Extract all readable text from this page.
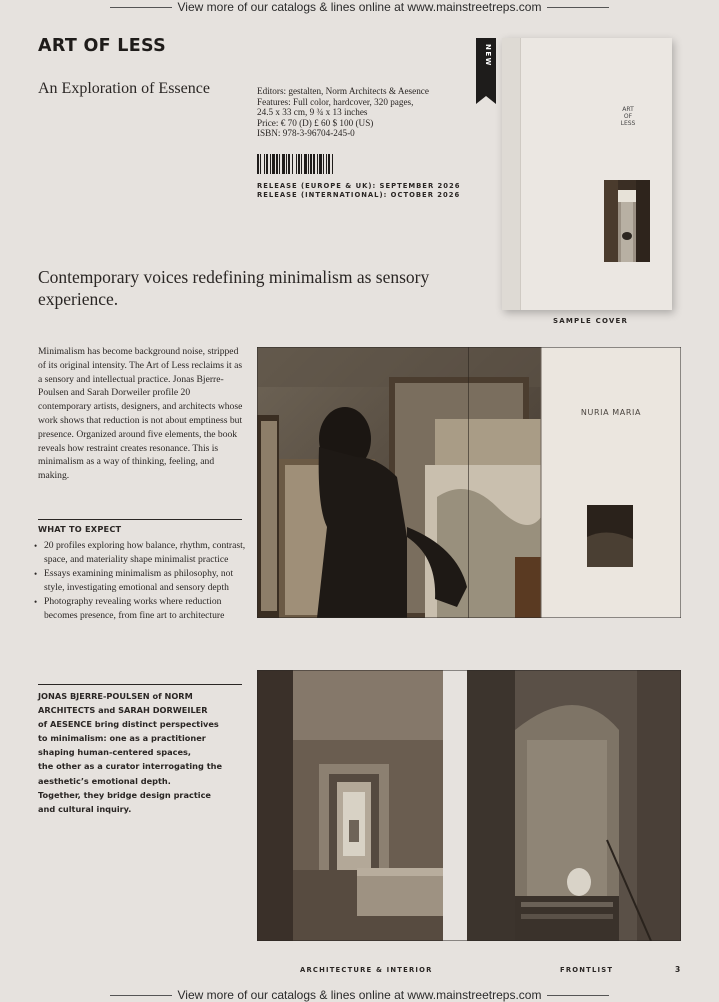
View more of our catalogs & lines online at www.mainstreetreps.com
ART OF LESS
An Exploration of Essence	Editors: gestalten, Norm Architects & Aesence
Features: Full color, hardcover, 320 pages,
24.5 x 33 cm, 9 ¾ x 13 inches
Price: € 70 (D) £ 60 $ 100 (US)
ISBN: 978-3-96704-245-0
RELEASE (EUROPE & UK): SEPTEMBER 2026
RELEASE (INTERNATIONAL): OCTOBER 2026
Contemporary voices redefining minimalism as sensory experience.
NEW
ART
OF
LESS
SAMPLE COVER
Minimalism has become background noise, stripped of its original intensity. The Art of Less reclaims it as a sensory and intellectual practice. Jonas Bjerre-Poulsen and Sarah Dorweiler profile 20 contemporary artists, designers, and architects whose work shows that reduction is not about emptiness but presence. Organized around five elements, the book reveals how restraint creates resonance. This is minimalism as a way of thinking, feeling, and making.
WHAT TO EXPECT
• 20 profiles exploring how balance, rhythm, contrast, space, and materiality shape minimalist practice
• Essays examining minimalism as philosophy, not style, investigating emotional and sensory depth
• Photography revealing works where reduction becomes presence, from fine art to architecture
JONAS BJERRE-POULSEN of NORM
ARCHITECTS and SARAH DORWEILER
of AESENCE bring distinct perspectives
to minimalism: one as a practitioner
shaping human-centered spaces,
the other as a curator interrogating the
aesthetic’s emotional depth.
Together, they bridge design practice
and cultural inquiry.
NURIA MARIA
ARCHITECTURE & INTERIOR	FRONTLIST	3
View more of our catalogs & lines online at www.mainstreetreps.com
